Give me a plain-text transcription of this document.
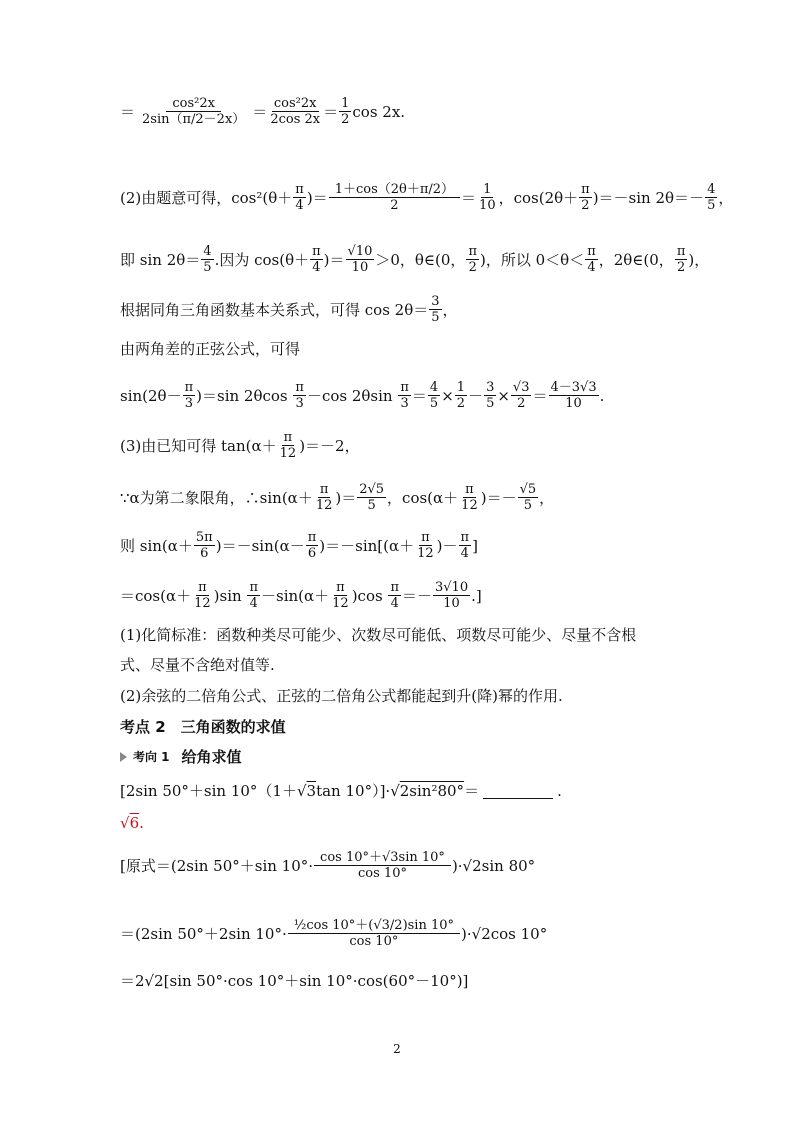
＝ $\frac{\text{cos²2x}}{2\sin(\pi/2-2x)} = \frac{\text{cos²2x}}{2\cos 2x} = \frac{1}{2}$ cos 2x.
(2)由题意可得，$\cos^2(\theta+ \frac{\pi}{4}$ )＝ $\frac{1+\cos(2\theta+\pi/2)}{2} = \frac{1}{10}$ ，$\cos(2\theta+ \frac{\pi}{2} )=-\sin$ $2\theta=- \frac{4}{5}$ ，
即 $\sin 2\theta= \frac{4}{5}$ .因为 $\cos(\theta+ \frac{\pi}{4}$ )＝ $\frac{√10}{10} >0$，θ∈(0， $\frac{\pi}{2}$ )，所以 $0<\theta< \frac{\pi}{4}$ ，2θ∈(0， $\frac{\pi}{2}$ )，
根据同角三角函数基本关系式，可得 $\cos 2\theta= \frac{3}{5}$ ，
由两角差的正弦公式，可得
$\sin(2\theta- \frac{\pi}{3} )=\sin$ $2\theta\cos \frac{\pi}{3} -\cos$ $2\theta\sin \frac{\pi}{3} = \frac{4}{5} \times \frac{1}{2} - \frac{3}{5} \times \frac{√3}{2} = \frac{4-3√3}{10}$ .
(3)由已知可得 $\tan(\alpha+ \frac{\pi}{12} )=-2$，
∵α为第二象限角，∴sin(α＋ $\frac{\pi}{12}$ )＝ $\frac{2√5}{5}$ ，$\cos(\alpha+ \frac{\pi}{12}$ )＝－ $\frac{√5}{5}$ ，
则 $\sin(\alpha+ \frac{5\pi}{6} )=-\sin(\alpha- \frac{\pi}{6} )=-\sin[(\alpha+ \frac{\pi}{12}$ )－ $\frac{\pi}{4}$ ]
$=\cos(\alpha+ \frac{\pi}{12} )\sin \frac{\pi}{4} -\sin(\alpha+ \frac{\pi}{12} )\cos \frac{\pi}{4} =- \frac{3√10}{10}$ .]
(1)化简标准：函数种类尽可能少、次数尽可能低、项数尽可能少、尽量不含根
式、尽量不含绝对值等.
(2)余弦的二倍角公式、正弦的二倍角公式都能起到升(降)幂的作用.
考点 2　三角函数的求值
考向 1 给角求值
[2sin 50°＋sin 10°（1＋ √ 3 tan 10°）]· √ 2sin²80° ＝	.
√ 6 .
[原式＝(2sin 50°＋sin $10^\circ\cdot \frac{\cos 10^\circ+√3\sin 10^\circ}{\cos 10^\circ} )\cdot√2\sin$ 80°
＝(2sin 50°＋2sin $10^\circ\cdot \frac{\text{½cos 10°＋(√3/2)sin 10°}}{\cos 10^\circ} )\cdot√2\cos$ 10°
＝2√2[sin 50°·cos 10°＋sin 10°·cos(60°－10°)]
2
